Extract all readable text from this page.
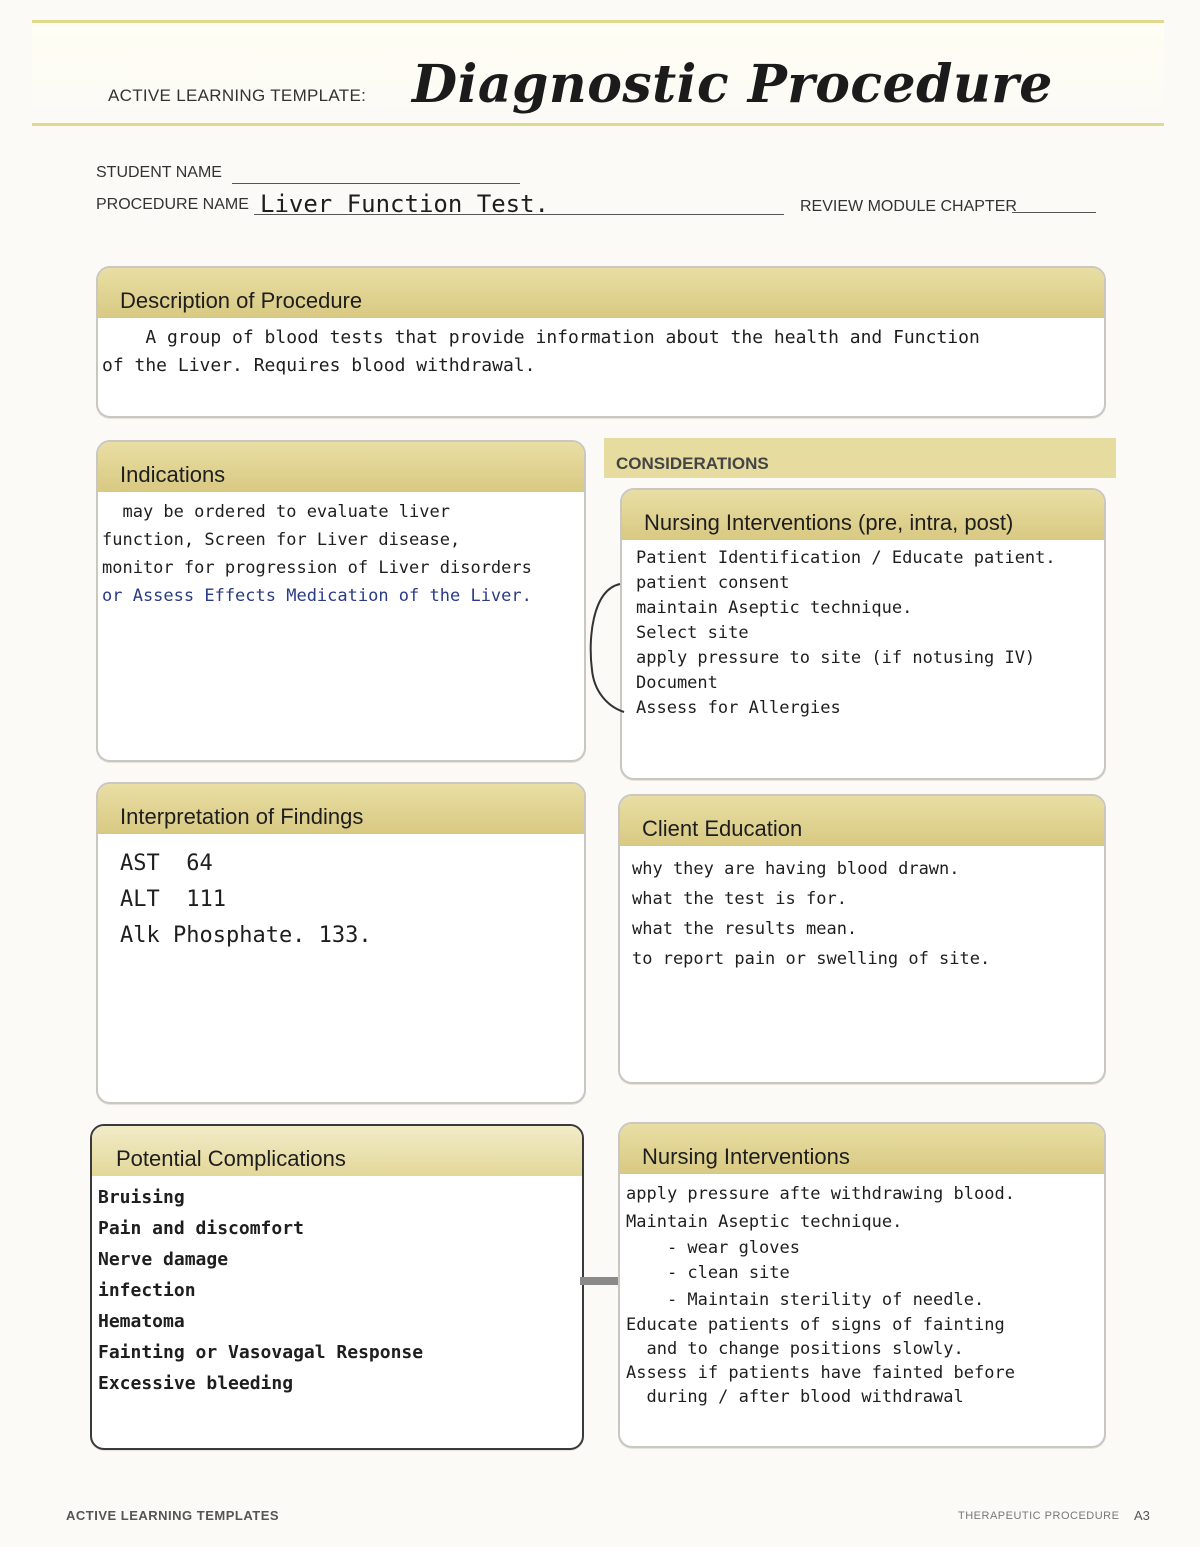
ACTIVE LEARNING TEMPLATE: Diagnostic Procedure
STUDENT NAME
PROCEDURE NAME Liver Function Test.	REVIEW MODULE CHAPTER
Description of Procedure
A group of blood tests that provide information about the health and Function
of the Liver. Requires blood withdrawal.
Indications
may be ordered to evaluate liver
function, Screen for Liver disease,
monitor for progression of Liver disorders
or Assess Effects Medication of the Liver.
CONSIDERATIONS
Nursing Interventions (pre, intra, post)
Patient Identification / Educate patient.
patient consent
maintain Aseptic technique.
Select site
apply pressure to site (if notusing IV)
Document
Assess for Allergies
Interpretation of Findings
AST  64
ALT  111
Alk Phosphate. 133.
Client Education
why they are having blood drawn.
what the test is for.
what the results mean.
to report pain or swelling of site.
Potential Complications
Bruising
Pain and discomfort
Nerve damage
infection
Hematoma
Fainting or Vasovagal Response
Excessive bleeding
Nursing Interventions
apply pressure afte withdrawing blood.
Maintain Aseptic technique.
- wear gloves
- clean site
- Maintain sterility of needle.
Educate patients of signs of fainting
and to change positions slowly.
Assess if patients have fainted before
during / after blood withdrawal
ACTIVE LEARNING TEMPLATES	THERAPEUTIC PROCEDURE A3
